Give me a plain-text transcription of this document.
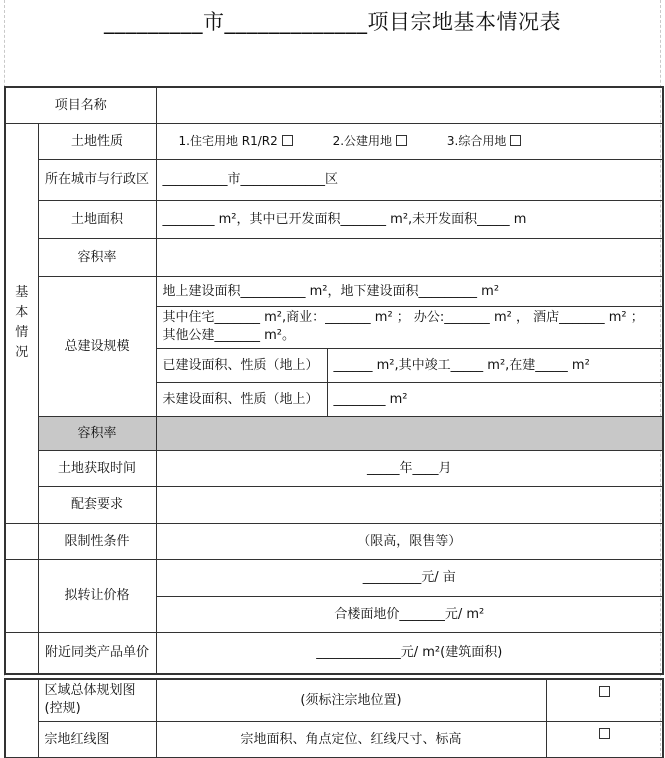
_________市_____________项目宗地基本情况表
项目名称			

基
本
情
况	土地性质	1.住宅用地 R1/R2 2.公建用地 3.综合用地	
	所在城市与行政区	__________市_____________区	
	土地面积	________ m²，其中已开发面积_______ m²,未开发面积_____ m	
	容积率		
	总建设规模	地上建设面积__________ m²，地下建设面积_________ m²	
		其中住宅_______ m²,商业：_______ m² ； 办公:_______ m² ， 酒店_______ m² ； 其他公建_______ m²。	
		已建设面积、性质（地上）	______ m²,其中竣工_____ m²,在建_____ m²
		未建设面积、性质（地上）	________ m²
	容积率		
	土地获取时间	_____年____月	
	配套要求		
	限制性条件	（限高，限售等）	
	拟转让价格	_________元/ 亩	
		合楼面地价_______元/ m²	
	附近同类产品单价	_____________元/ m²(建筑面积)	
	区域总体规划图(控规)	(须标注宗地位置)	
	宗地红线图	宗地面积、角点定位、红线尺寸、标高	
